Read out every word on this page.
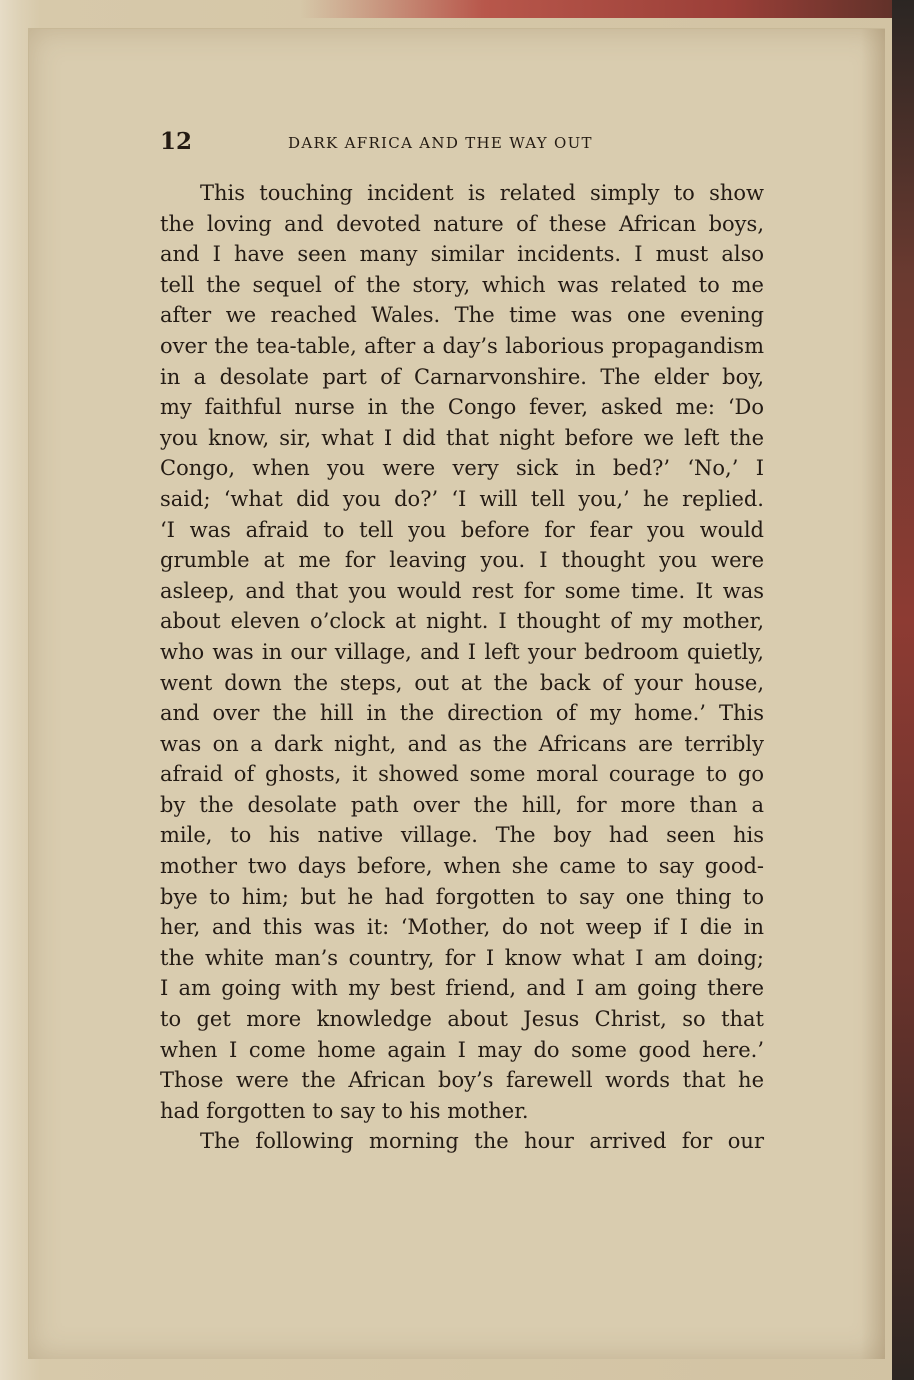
12	DARK AFRICA AND THE WAY OUT
This touching incident is related simply to show
the loving and devoted nature of these African boys,
and I have seen many similar incidents. I must also
tell the sequel of the story, which was related to me
after we reached Wales. The time was one evening
over the tea-table, after a day’s laborious propagandism
in a desolate part of Carnarvonshire. The elder boy,
my faithful nurse in the Congo fever, asked me: ‘Do
you know, sir, what I did that night before we left the
Congo, when you were very sick in bed?’ ‘No,’ I
said; ‘what did you do?’ ‘I will tell you,’ he replied.
‘I was afraid to tell you before for fear you would
grumble at me for leaving you. I thought you were
asleep, and that you would rest for some time. It was
about eleven o’clock at night. I thought of my mother,
who was in our village, and I left your bedroom quietly,
went down the steps, out at the back of your house,
and over the hill in the direction of my home.’ This
was on a dark night, and as the Africans are terribly
afraid of ghosts, it showed some moral courage to go
by the desolate path over the hill, for more than a
mile, to his native village. The boy had seen his
mother two days before, when she came to say good-
bye to him; but he had forgotten to say one thing to
her, and this was it: ‘Mother, do not weep if I die in
the white man’s country, for I know what I am doing;
I am going with my best friend, and I am going there
to get more knowledge about Jesus Christ, so that
when I come home again I may do some good here.’
Those were the African boy’s farewell words that he
had forgotten to say to his mother.
The following morning the hour arrived for our
